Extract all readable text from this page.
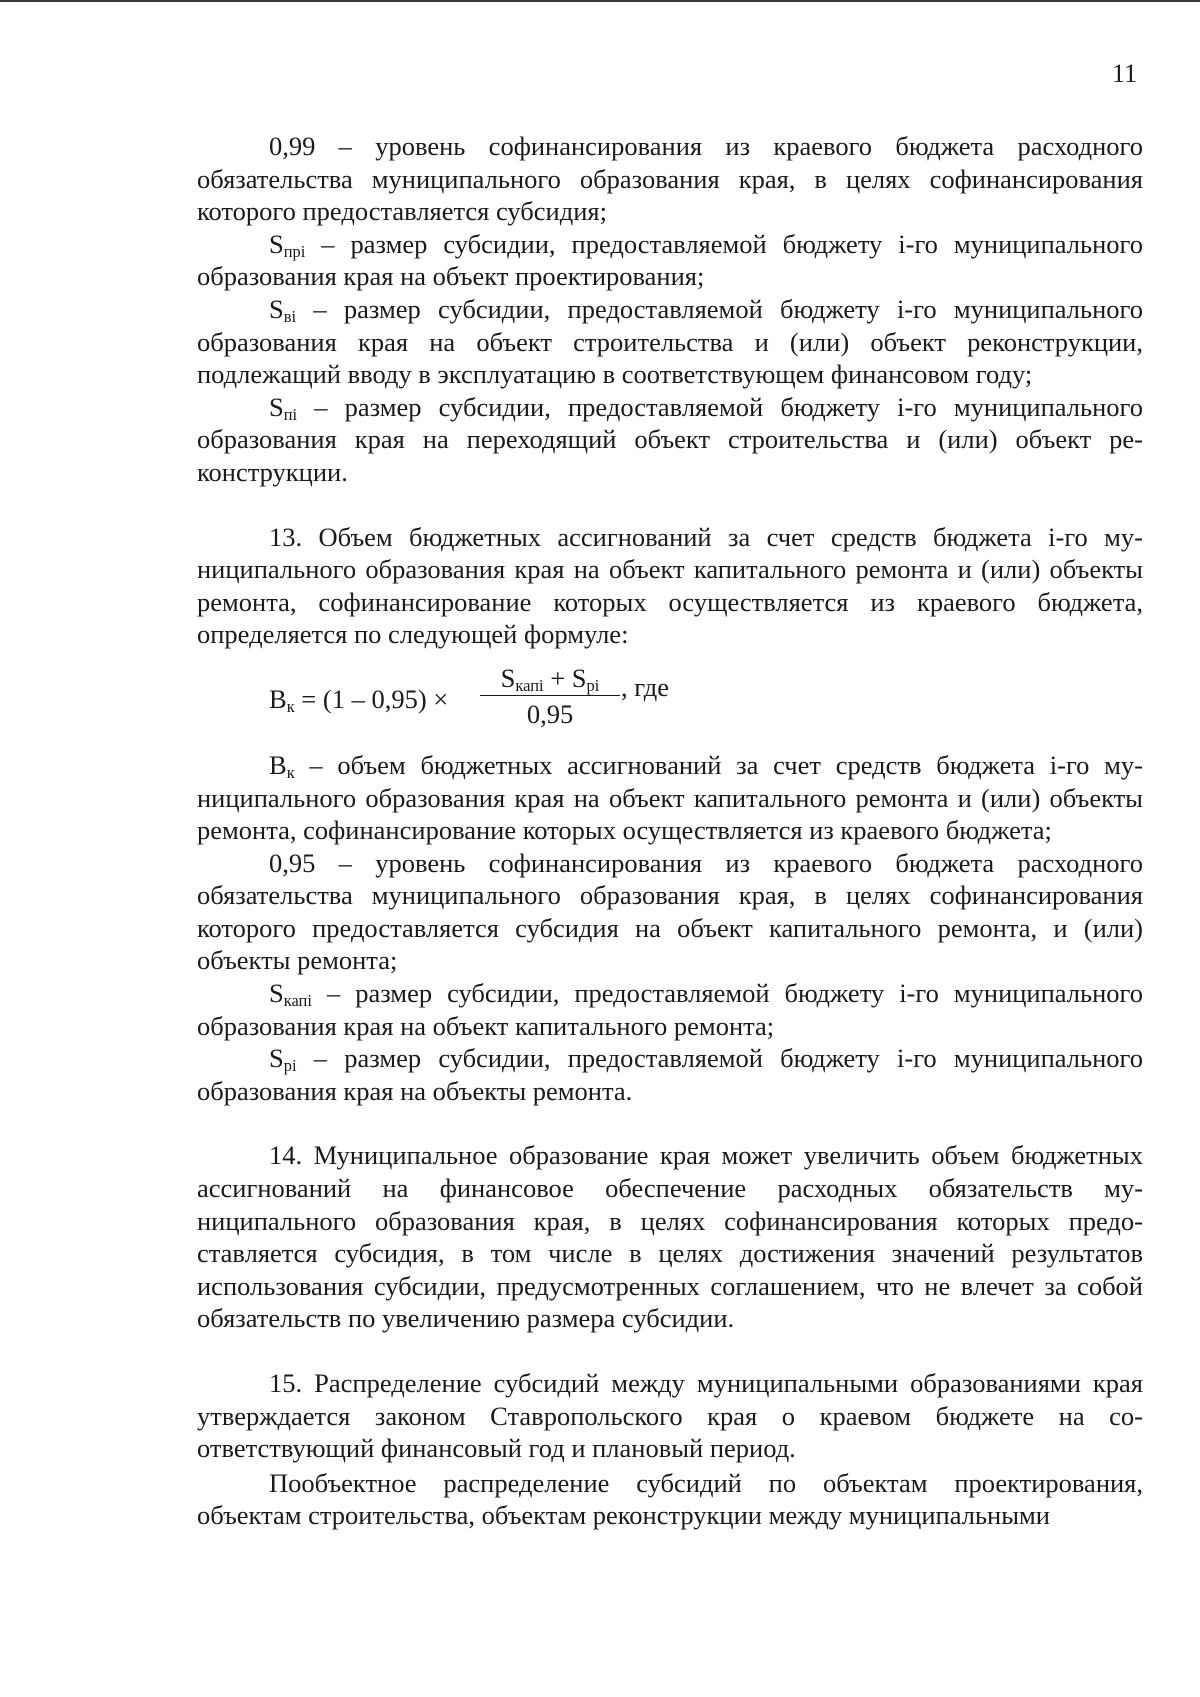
11

0,99 – уровень софинансирования из краевого бюджета расходного обязательства муниципального образования края, в целях софинансирования которого предоставляется субсидия;

$S_{прi}$ – размер субсидии, предоставляемой бюджету i-го муниципального образования края на объект проектирования;

$S_{вi}$ – размер субсидии, предоставляемой бюджету i-го муниципального образования края на объект строительства и (или) объект реконструкции, подлежащий вводу в эксплуатацию в соответствующем финансовом году;

$S_{пi}$ – размер субсидии, предоставляемой бюджету i-го муниципального образования края на переходящий объект строительства и (или) объект реконструкции.

13. Объем бюджетных ассигнований за счет средств бюджета i-го муниципального образования края на объект капитального ремонта и (или) объекты ремонта, софинансирование которых осуществляется из краевого бюджета, определяется по следующей формуле:

$В_к = (1 - 0,95)$ ×
$S_{капi} + S_{рi}$
0,95
, где

$В_к$ – объем бюджетных ассигнований за счет средств бюджета i-го муниципального образования края на объект капитального ремонта и (или) объекты ремонта, софинансирование которых осуществляется из краевого бюджета;

0,95 – уровень софинансирования из краевого бюджета расходного обязательства муниципального образования края, в целях софинансирования которого предоставляется субсидия на объект капитального ремонта, и (или) объекты ремонта;

$S_{капi}$ – размер субсидии, предоставляемой бюджету i-го муниципального образования края на объект капитального ремонта;

$S_{рi}$ – размер субсидии, предоставляемой бюджету i-го муниципального образования края на объекты ремонта.

14. Муниципальное образование края может увеличить объем бюджетных ассигнований на финансовое обеспечение расходных обязательств муниципального образования края, в целях софинансирования которых предоставляется субсидия, в том числе в целях достижения значений результатов использования субсидии, предусмотренных соглашением, что не влечет за собой обязательств по увеличению размера субсидии.

15. Распределение субсидий между муниципальными образованиями края утверждается законом Ставропольского края о краевом бюджете на соответствующий финансовый год и плановый период.

Пообъектное распределение субсидий по объектам проектирования, объектам строительства, объектам реконструкции между муниципальными
